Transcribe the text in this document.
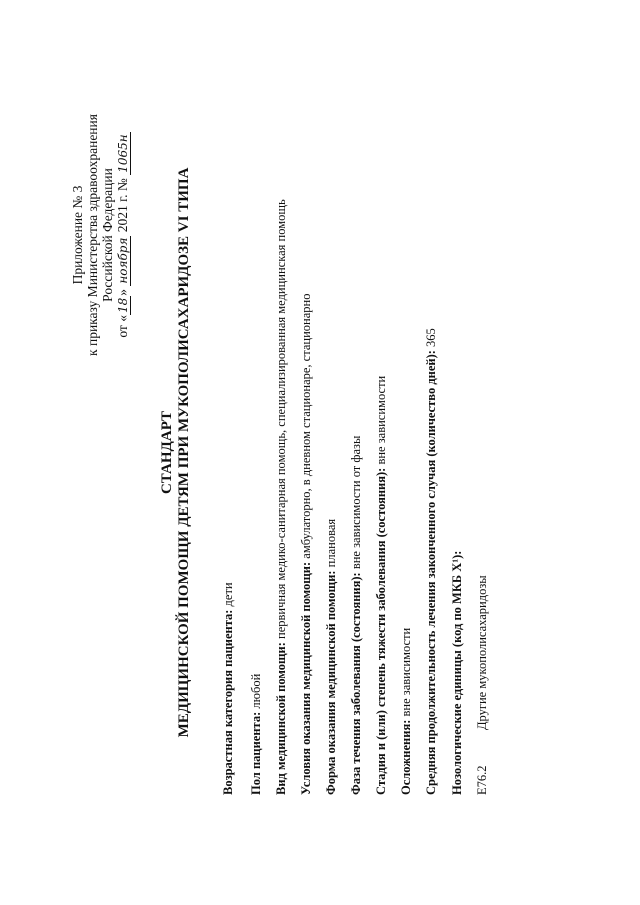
Приложение № 3 к приказу Министерства здравоохранения Российской Федерации
от «18» ноября 2021 г. № 1065н
СТАНДАРТ МЕДИЦИНСКОЙ ПОМОЩИ ДЕТЯМ ПРИ МУКОПОЛИСАХАРИДОЗЕ VI ТИПА Возрастная категория пациента: дети
Пол пациента: любой Вид медицинской помощи: первичная медико-санитарная помощь, специализированная медицинская помощь
Условия оказания медицинской помощи: амбулаторно, в дневном стационаре, стационарно
Форма оказания медицинской помощи: плановая
Фаза течения заболевания (состояния): вне зависимости от фазы Стадия и (или) степень тяжести заболевания (состояния): вне зависимости
Осложнения: вне зависимости Средняя продолжительность лечения законченного случая (количество дней): 365
Нозологические единицы (код по МКБ X¹): E76.2
Другие мукополисахаридозы
